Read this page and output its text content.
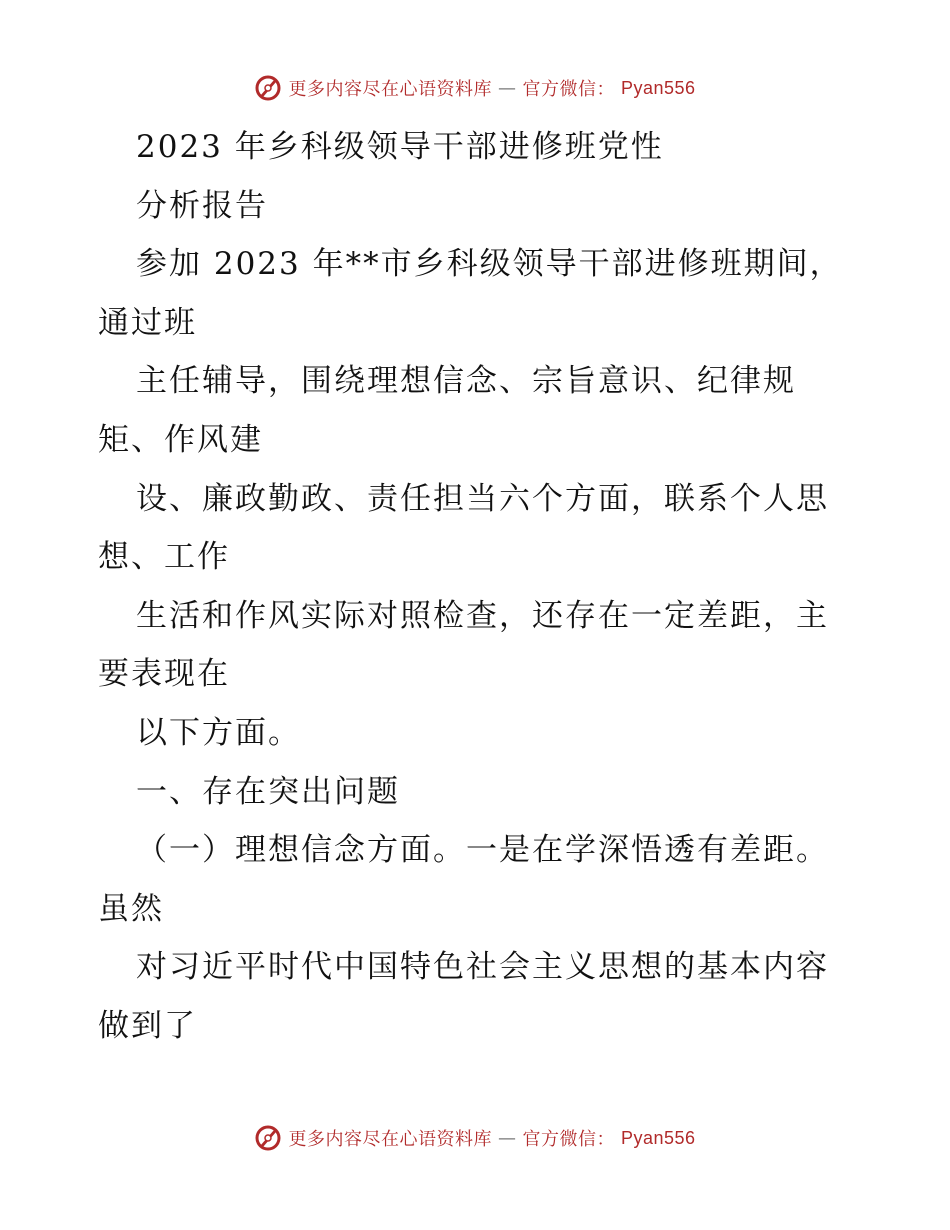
更多内容尽在心语资料库 — 官方微信： Pyan556
2023 年乡科级领导干部进修班党性
分析报告
参加 2023 年**市乡科级领导干部进修班期间，
通过班
主任辅导，围绕理想信念、宗旨意识、纪律规
矩、作风建
设、廉政勤政、责任担当六个方面，联系个人思
想、工作
生活和作风实际对照检查，还存在一定差距，主
要表现在
以下方面。
一、存在突出问题
（一）理想信念方面。一是在学深悟透有差距。
虽然
对习近平时代中国特色社会主义思想的基本内容
做到了
更多内容尽在心语资料库 — 官方微信： Pyan556
